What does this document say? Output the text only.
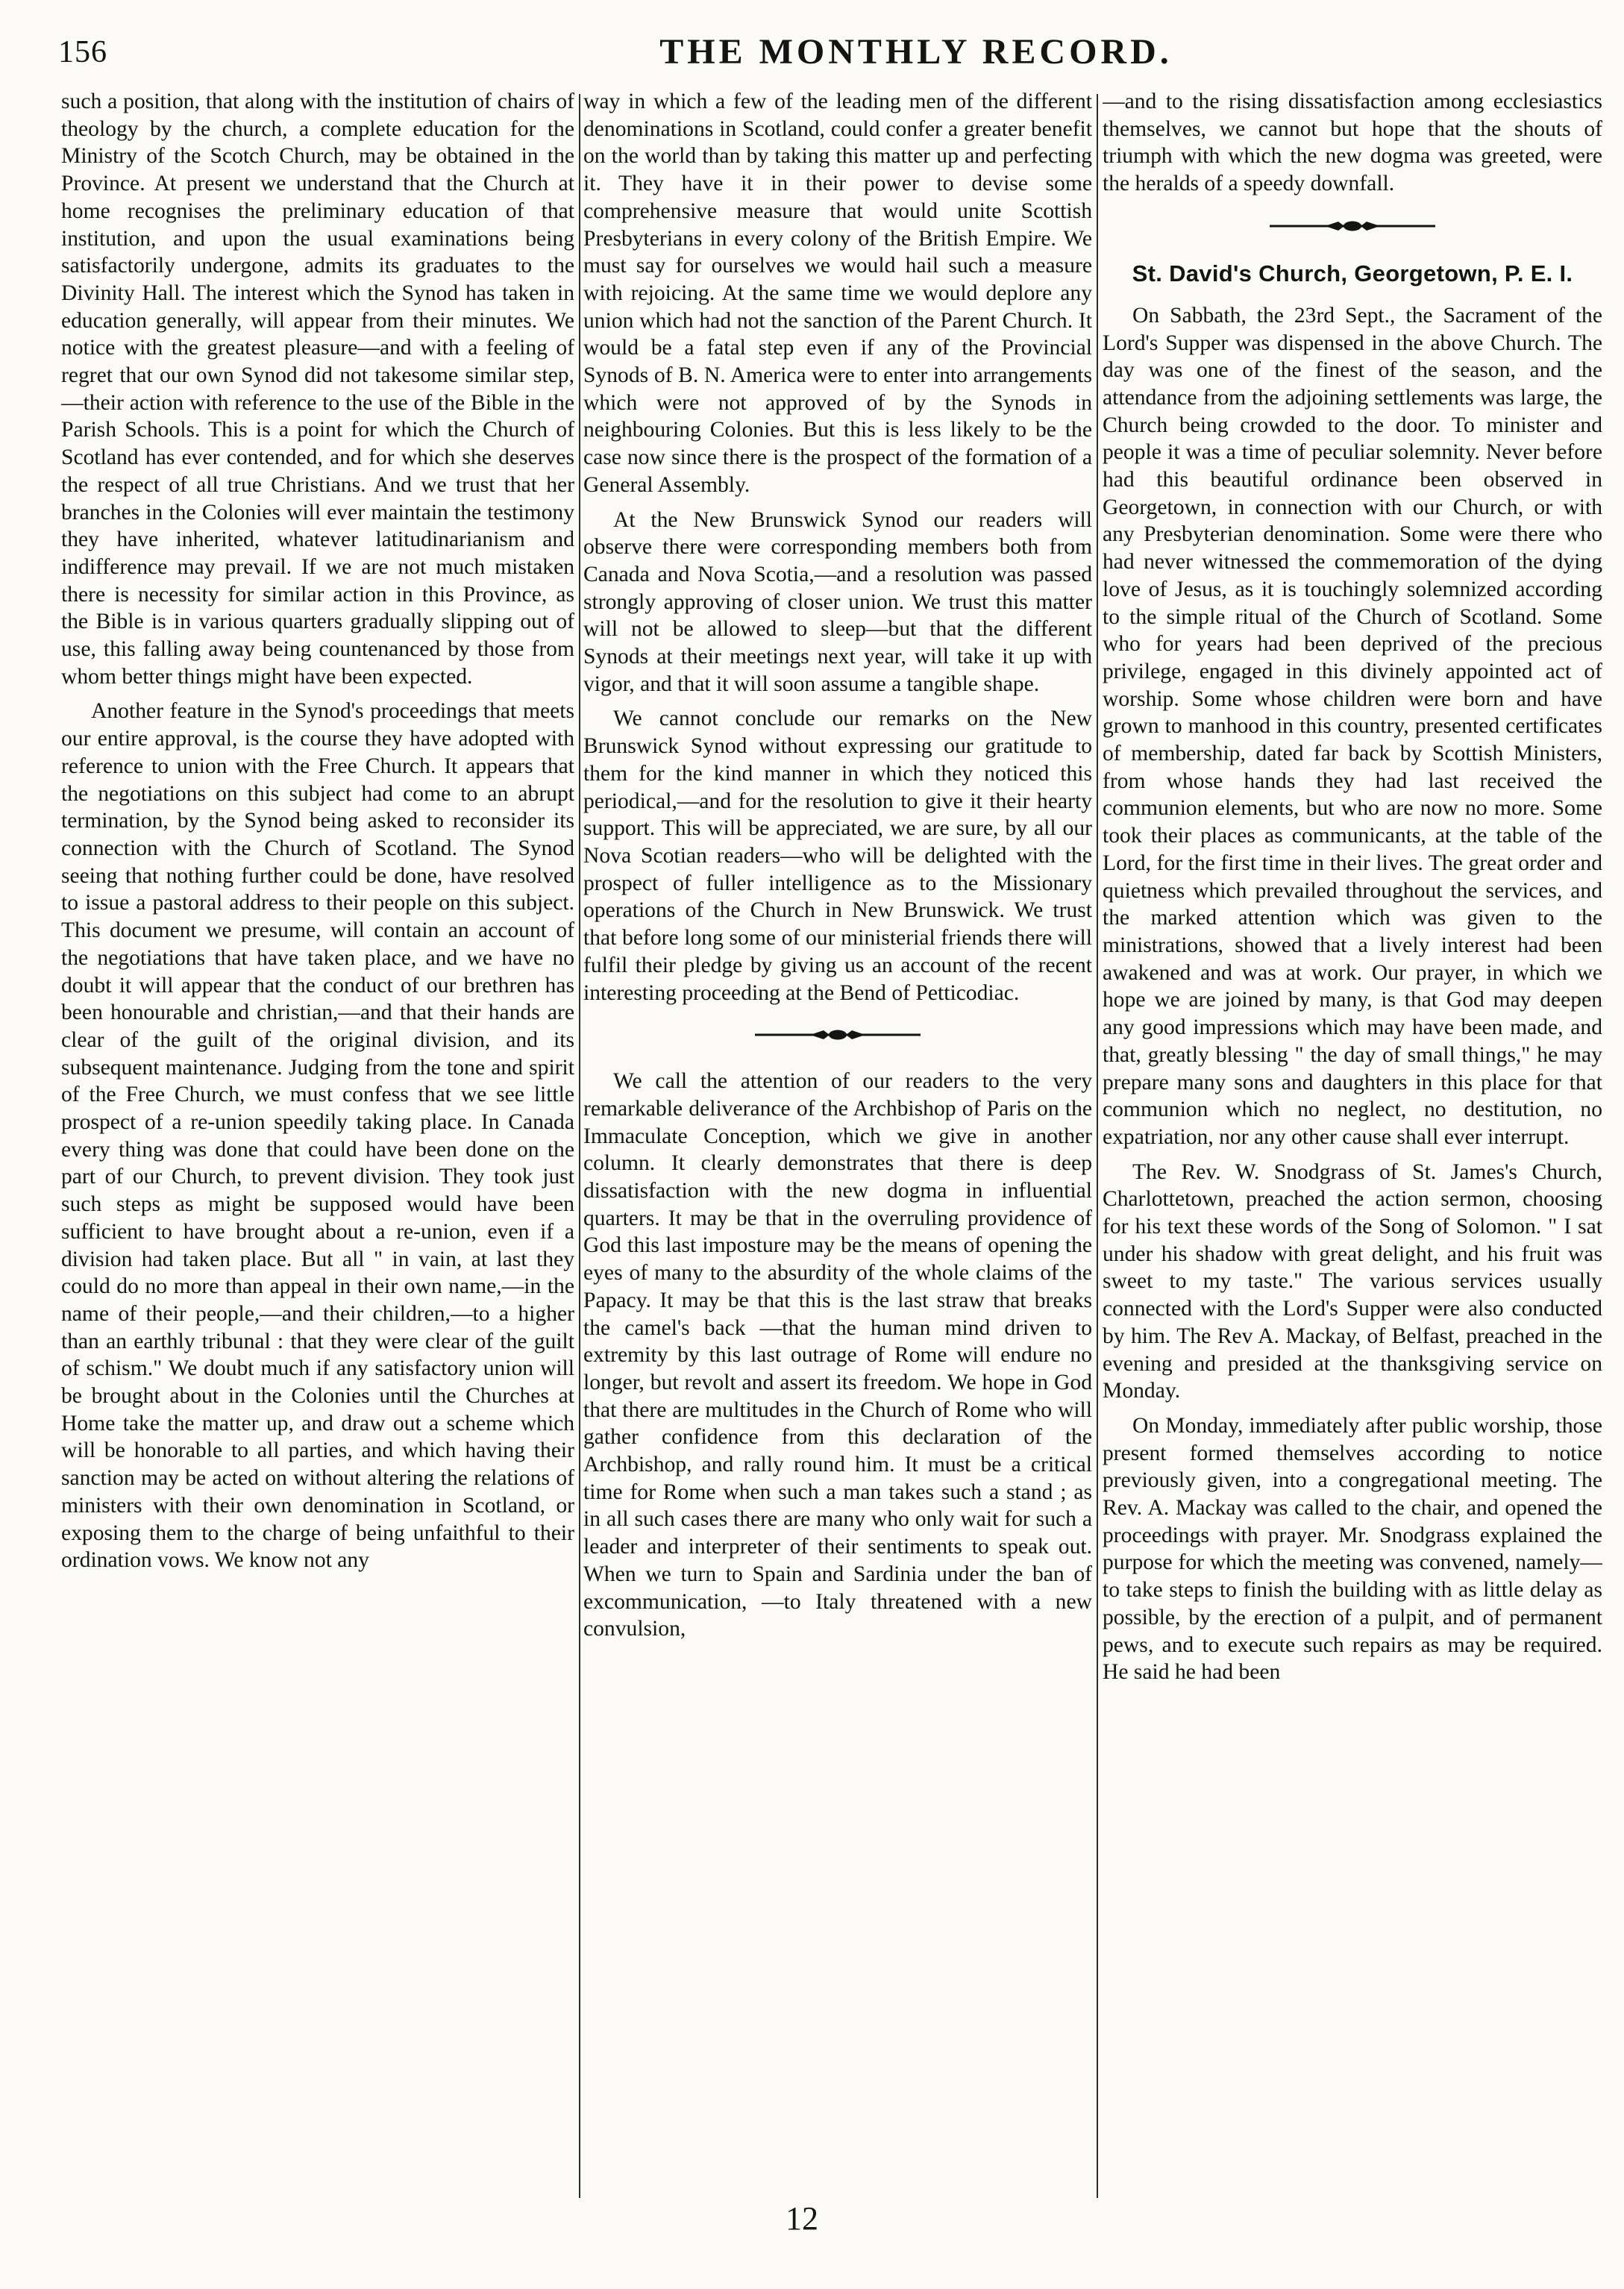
156	THE MONTHLY RECORD.

such a position, that along with the institution of chairs of theology by the church, a complete education for the Ministry of the Scotch Church, may be obtained in the Province. At present we understand that the Church at home recognises the preliminary education of that institution, and upon the usual examinations being satisfactorily undergone, admits its graduates to the Divinity Hall. The interest which the Synod has taken in education generally, will appear from their minutes. We notice with the greatest pleasure—and with a feeling of regret that our own Synod did not takesome similar step,—their action with reference to the use of the Bible in the Parish Schools. This is a point for which the Church of Scotland has ever contended, and for which she deserves the respect of all true Christians. And we trust that her branches in the Colonies will ever maintain the testimony they have inherited, whatever latitudinarianism and indifference may prevail. If we are not much mistaken there is necessity for similar action in this Province, as the Bible is in various quarters gradually slipping out of use, this falling away being countenanced by those from whom better things might have been expected.

Another feature in the Synod's proceedings that meets our entire approval, is the course they have adopted with reference to union with the Free Church. It appears that the negotiations on this subject had come to an abrupt termination, by the Synod being asked to reconsider its connection with the Church of Scotland. The Synod seeing that nothing further could be done, have resolved to issue a pastoral address to their people on this subject. This document we presume, will contain an account of the negotiations that have taken place, and we have no doubt it will appear that the conduct of our brethren has been honourable and christian,—and that their hands are clear of the guilt of the original division, and its subsequent maintenance. Judging from the tone and spirit of the Free Church, we must confess that we see little prospect of a re-union speedily taking place. In Canada every thing was done that could have been done on the part of our Church, to prevent division. They took just such steps as might be supposed would have been sufficient to have brought about a re-union, even if a division had taken place. But all " in vain, at last they could do no more than appeal in their own name,—in the name of their people,—and their children,—to a higher than an earthly tribunal : that they were clear of the guilt of schism." We doubt much if any satisfactory union will be brought about in the Colonies until the Churches at Home take the matter up, and draw out a scheme which will be honorable to all parties, and which having their sanction may be acted on without altering the relations of ministers with their own denomination in Scotland, or exposing them to the charge of being unfaithful to their ordination vows. We know not any

way in which a few of the leading men of the different denominations in Scotland, could confer a greater benefit on the world than by taking this matter up and perfecting it. They have it in their power to devise some comprehensive measure that would unite Scottish Presbyterians in every colony of the British Empire. We must say for ourselves we would hail such a measure with rejoicing. At the same time we would deplore any union which had not the sanction of the Parent Church. It would be a fatal step even if any of the Provincial Synods of B. N. America were to enter into arrangements which were not approved of by the Synods in neighbouring Colonies. But this is less likely to be the case now since there is the prospect of the formation of a General Assembly.

At the New Brunswick Synod our readers will observe there were corresponding members both from Canada and Nova Scotia,—and a resolution was passed strongly approving of closer union. We trust this matter will not be allowed to sleep—but that the different Synods at their meetings next year, will take it up with vigor, and that it will soon assume a tangible shape.

We cannot conclude our remarks on the New Brunswick Synod without expressing our gratitude to them for the kind manner in which they noticed this periodical,—and for the resolution to give it their hearty support. This will be appreciated, we are sure, by all our Nova Scotian readers—who will be delighted with the prospect of fuller intelligence as to the Missionary operations of the Church in New Brunswick. We trust that before long some of our ministerial friends there will fulfil their pledge by giving us an account of the recent interesting proceeding at the Bend of Petticodiac.

We call the attention of our readers to the very remarkable deliverance of the Archbishop of Paris on the Immaculate Conception, which we give in another column. It clearly demonstrates that there is deep dissatisfaction with the new dogma in influential quarters. It may be that in the overruling providence of God this last imposture may be the means of opening the eyes of many to the absurdity of the whole claims of the Papacy. It may be that this is the last straw that breaks the camel's back —that the human mind driven to extremity by this last outrage of Rome will endure no longer, but revolt and assert its freedom. We hope in God that there are multitudes in the Church of Rome who will gather confidence from this declaration of the Archbishop, and rally round him. It must be a critical time for Rome when such a man takes such a stand ; as in all such cases there are many who only wait for such a leader and interpreter of their sentiments to speak out. When we turn to Spain and Sardinia under the ban of excommunication, —to Italy threatened with a new convulsion,

—and to the rising dissatisfaction among ecclesiastics themselves, we cannot but hope that the shouts of triumph with which the new dogma was greeted, were the heralds of a speedy downfall.

St. David's Church, Georgetown, P. E. I.

On Sabbath, the 23rd Sept., the Sacrament of the Lord's Supper was dispensed in the above Church. The day was one of the finest of the season, and the attendance from the adjoining settlements was large, the Church being crowded to the door. To minister and people it was a time of peculiar solemnity. Never before had this beautiful ordinance been observed in Georgetown, in connection with our Church, or with any Presbyterian denomination. Some were there who had never witnessed the commemoration of the dying love of Jesus, as it is touchingly solemnized according to the simple ritual of the Church of Scotland. Some who for years had been deprived of the precious privilege, engaged in this divinely appointed act of worship. Some whose children were born and have grown to manhood in this country, presented certificates of membership, dated far back by Scottish Ministers, from whose hands they had last received the communion elements, but who are now no more. Some took their places as communicants, at the table of the Lord, for the first time in their lives. The great order and quietness which prevailed throughout the services, and the marked attention which was given to the ministrations, showed that a lively interest had been awakened and was at work. Our prayer, in which we hope we are joined by many, is that God may deepen any good impressions which may have been made, and that, greatly blessing " the day of small things," he may prepare many sons and daughters in this place for that communion which no neglect, no destitution, no expatriation, nor any other cause shall ever interrupt.

The Rev. W. Snodgrass of St. James's Church, Charlottetown, preached the action sermon, choosing for his text these words of the Song of Solomon. " I sat under his shadow with great delight, and his fruit was sweet to my taste." The various services usually connected with the Lord's Supper were also conducted by him. The Rev A. Mackay, of Belfast, preached in the evening and presided at the thanksgiving service on Monday.

On Monday, immediately after public worship, those present formed themselves according to notice previously given, into a congregational meeting. The Rev. A. Mackay was called to the chair, and opened the proceedings with prayer. Mr. Snodgrass explained the purpose for which the meeting was convened, namely—to take steps to finish the building with as little delay as possible, by the erection of a pulpit, and of permanent pews, and to execute such repairs as may be required. He said he had been

12
